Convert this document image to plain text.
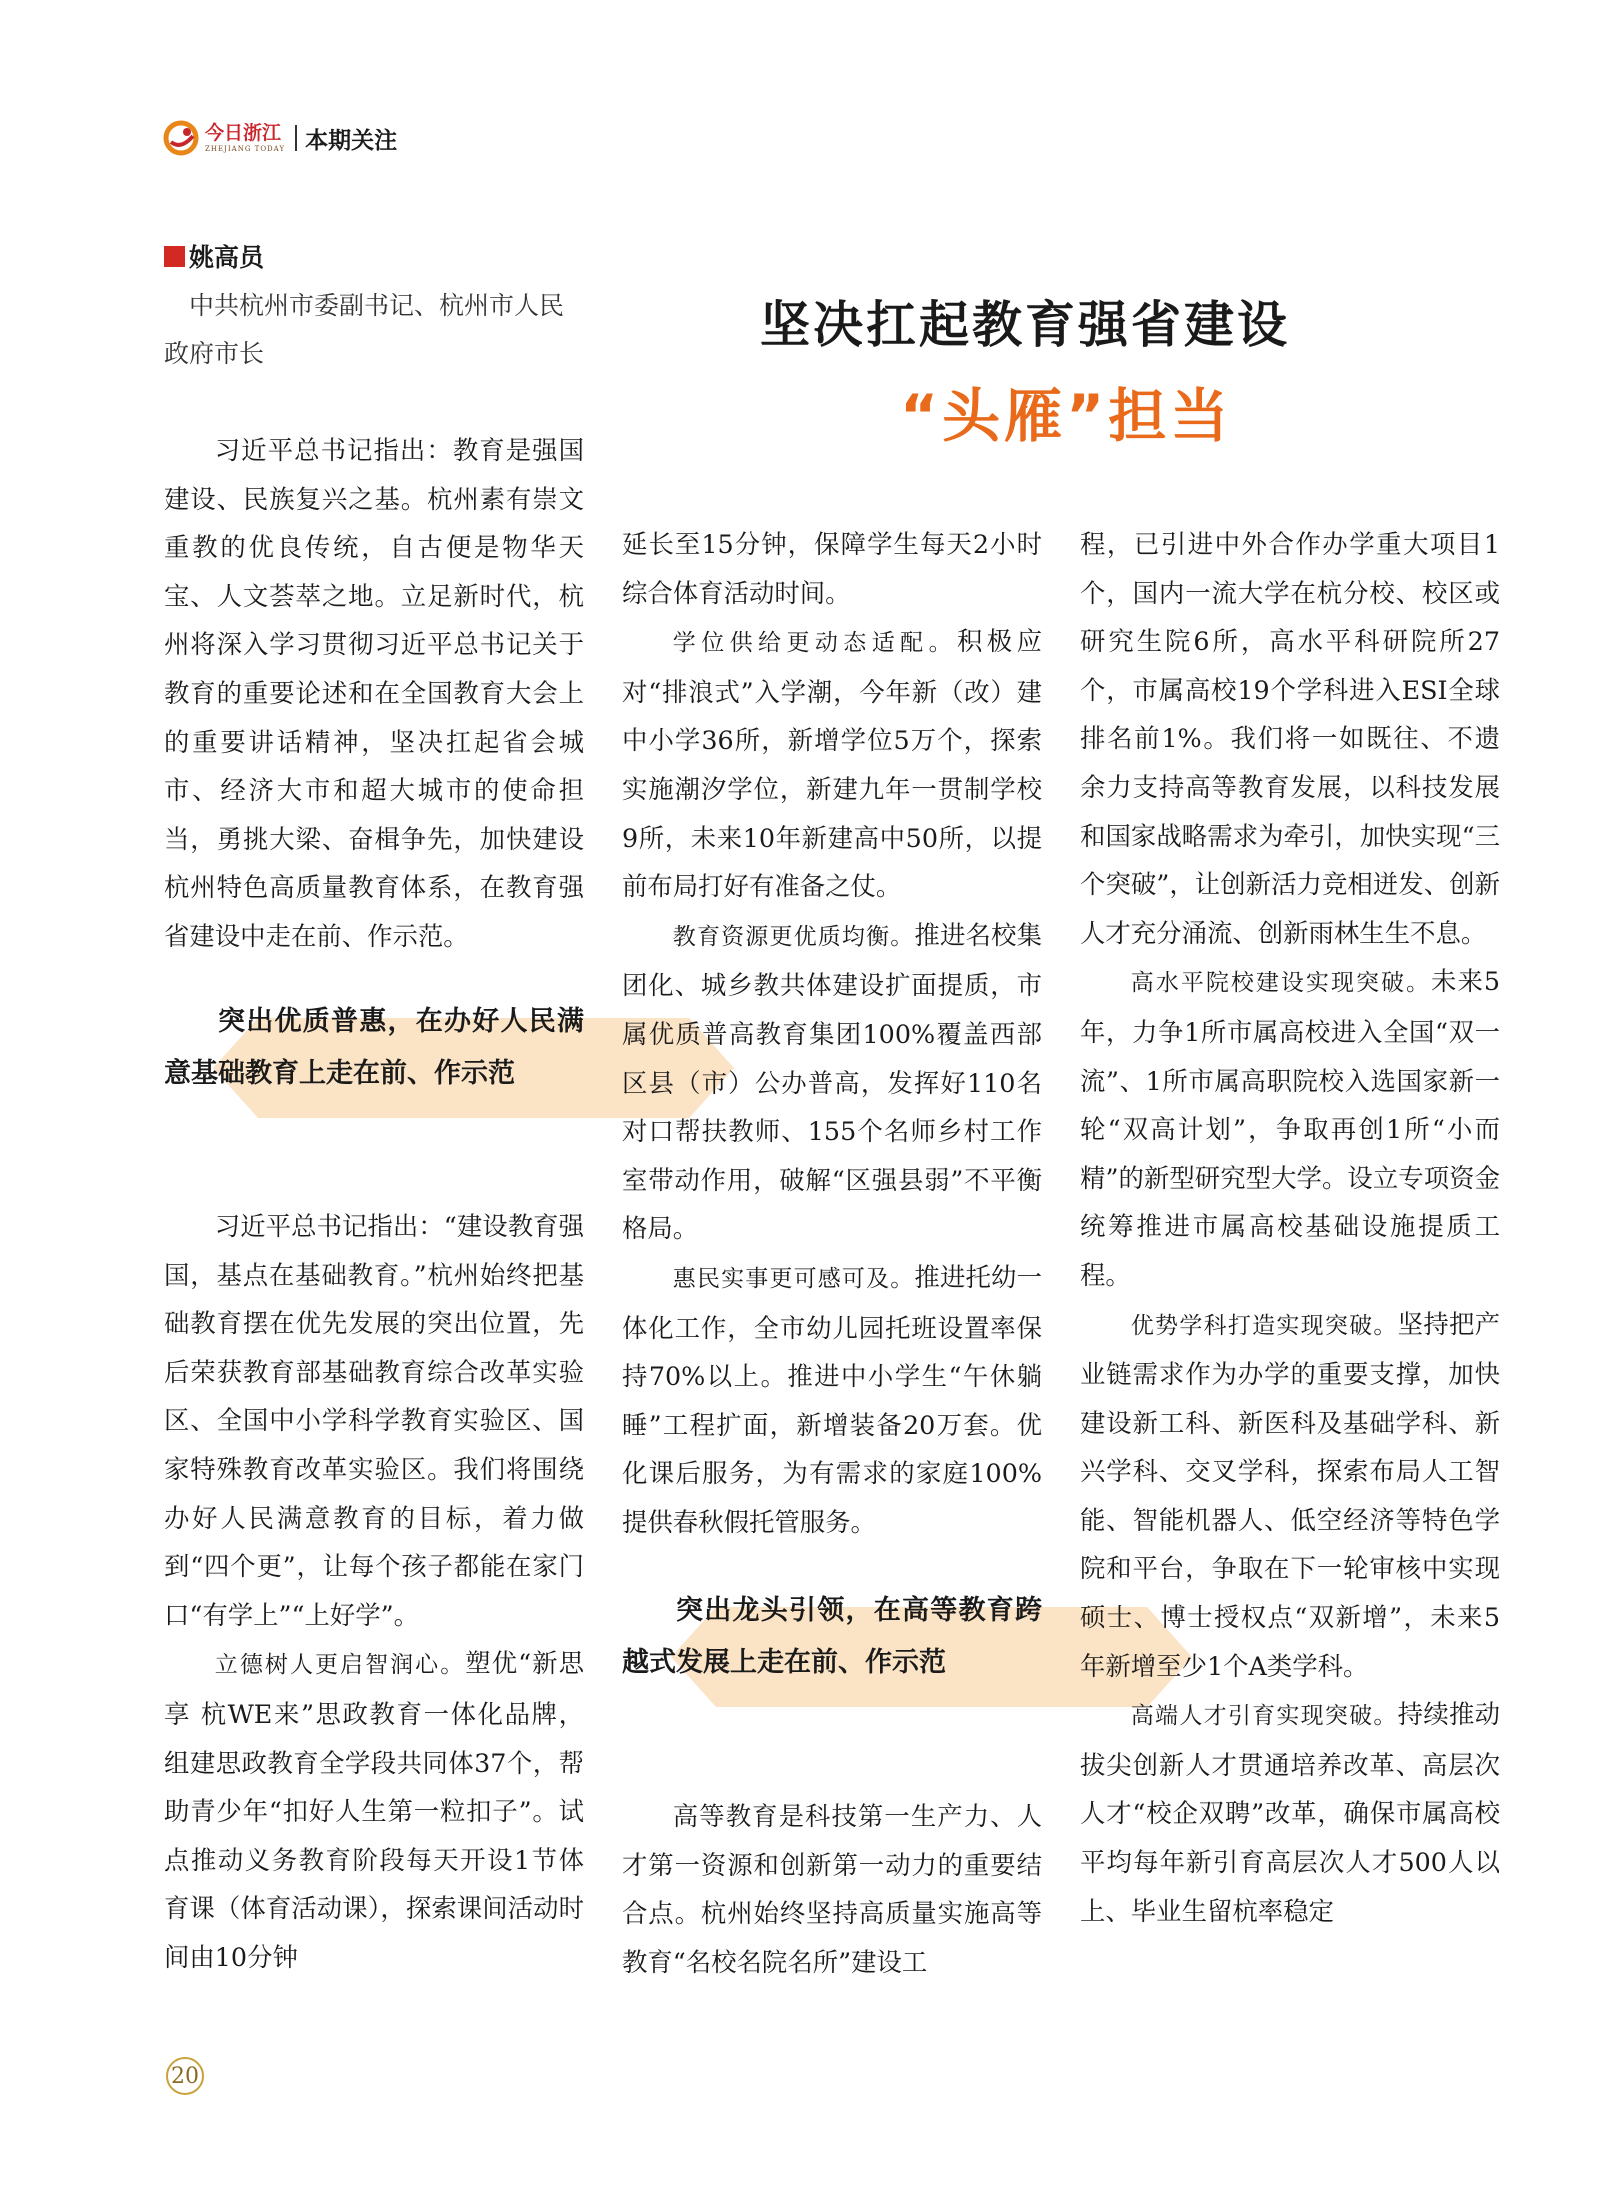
今日浙江
ZHEJIANG TODAY 本期关注
姚高员
中共杭州市委副书记、杭州市人民政府市长	坚决扛起教育强省建设
“头雁”担当

习近平总书记指出：教育是强国建设、民族复兴之基。杭州素有崇文重教的优良传统，自古便是物华天宝、人文荟萃之地。立足新时代，杭州将深入学习贯彻习近平总书记关于教育的重要论述和在全国教育大会上的重要讲话精神，坚决扛起省会城市、经济大市和超大城市的使命担当，勇挑大梁、奋楫争先，加快建设杭州特色高质量教育体系，在教育强省建设中走在前、作示范。

突出优质普惠，在办好人民满意基础教育上走在前、作示范

习近平总书记指出：“建设教育强国，基点在基础教育。”杭州始终把基础教育摆在优先发展的突出位置，先后荣获教育部基础教育综合改革实验区、全国中小学科学教育实验区、国家特殊教育改革实验区。我们将围绕办好人民满意教育的目标，着力做到“四个更”，让每个孩子都能在家门口“有学上”“上好学”。

立德树人更启智润心。塑优“新思享 杭WE来”思政教育一体化品牌，组建思政教育全学段共同体37个，帮助青少年“扣好人生第一粒扣子”。试点推动义务教育阶段每天开设1节体育课（体育活动课），探索课间活动时间由10分钟

延长至15分钟，保障学生每天2小时综合体育活动时间。

学位供给更动态适配。积极应对“排浪式”入学潮，今年新（改）建中小学36所，新增学位5万个，探索实施潮汐学位，新建九年一贯制学校9所，未来10年新建高中50所，以提前布局打好有准备之仗。

教育资源更优质均衡。推进名校集团化、城乡教共体建设扩面提质，市属优质普高教育集团100%覆盖西部区县（市）公办普高，发挥好110名对口帮扶教师、155个名师乡村工作室带动作用，破解“区强县弱”不平衡格局。

惠民实事更可感可及。推进托幼一体化工作，全市幼儿园托班设置率保持70%以上。推进中小学生“午休躺睡”工程扩面，新增装备20万套。优化课后服务，为有需求的家庭100%提供春秋假托管服务。

突出龙头引领，在高等教育跨越式发展上走在前、作示范

高等教育是科技第一生产力、人才第一资源和创新第一动力的重要结合点。杭州始终坚持高质量实施高等教育“名校名院名所”建设工

程，已引进中外合作办学重大项目1个，国内一流大学在杭分校、校区或研究生院6所，高水平科研院所27个，市属高校19个学科进入ESI全球排名前1%。我们将一如既往、不遗余力支持高等教育发展，以科技发展和国家战略需求为牵引，加快实现“三个突破”，让创新活力竞相迸发、创新人才充分涌流、创新雨林生生不息。

高水平院校建设实现突破。未来5年，力争1所市属高校进入全国“双一流”、1所市属高职院校入选国家新一轮“双高计划”，争取再创1所“小而精”的新型研究型大学。设立专项资金统筹推进市属高校基础设施提质工程。

优势学科打造实现突破。坚持把产业链需求作为办学的重要支撑，加快建设新工科、新医科及基础学科、新兴学科、交叉学科，探索布局人工智能、智能机器人、低空经济等特色学院和平台，争取在下一轮审核中实现硕士、博士授权点“双新增”，未来5年新增至少1个A类学科。

高端人才引育实现突破。持续推动拔尖创新人才贯通培养改革、高层次人才“校企双聘”改革，确保市属高校平均每年新引育高层次人才500人以上、毕业生留杭率稳定

20
